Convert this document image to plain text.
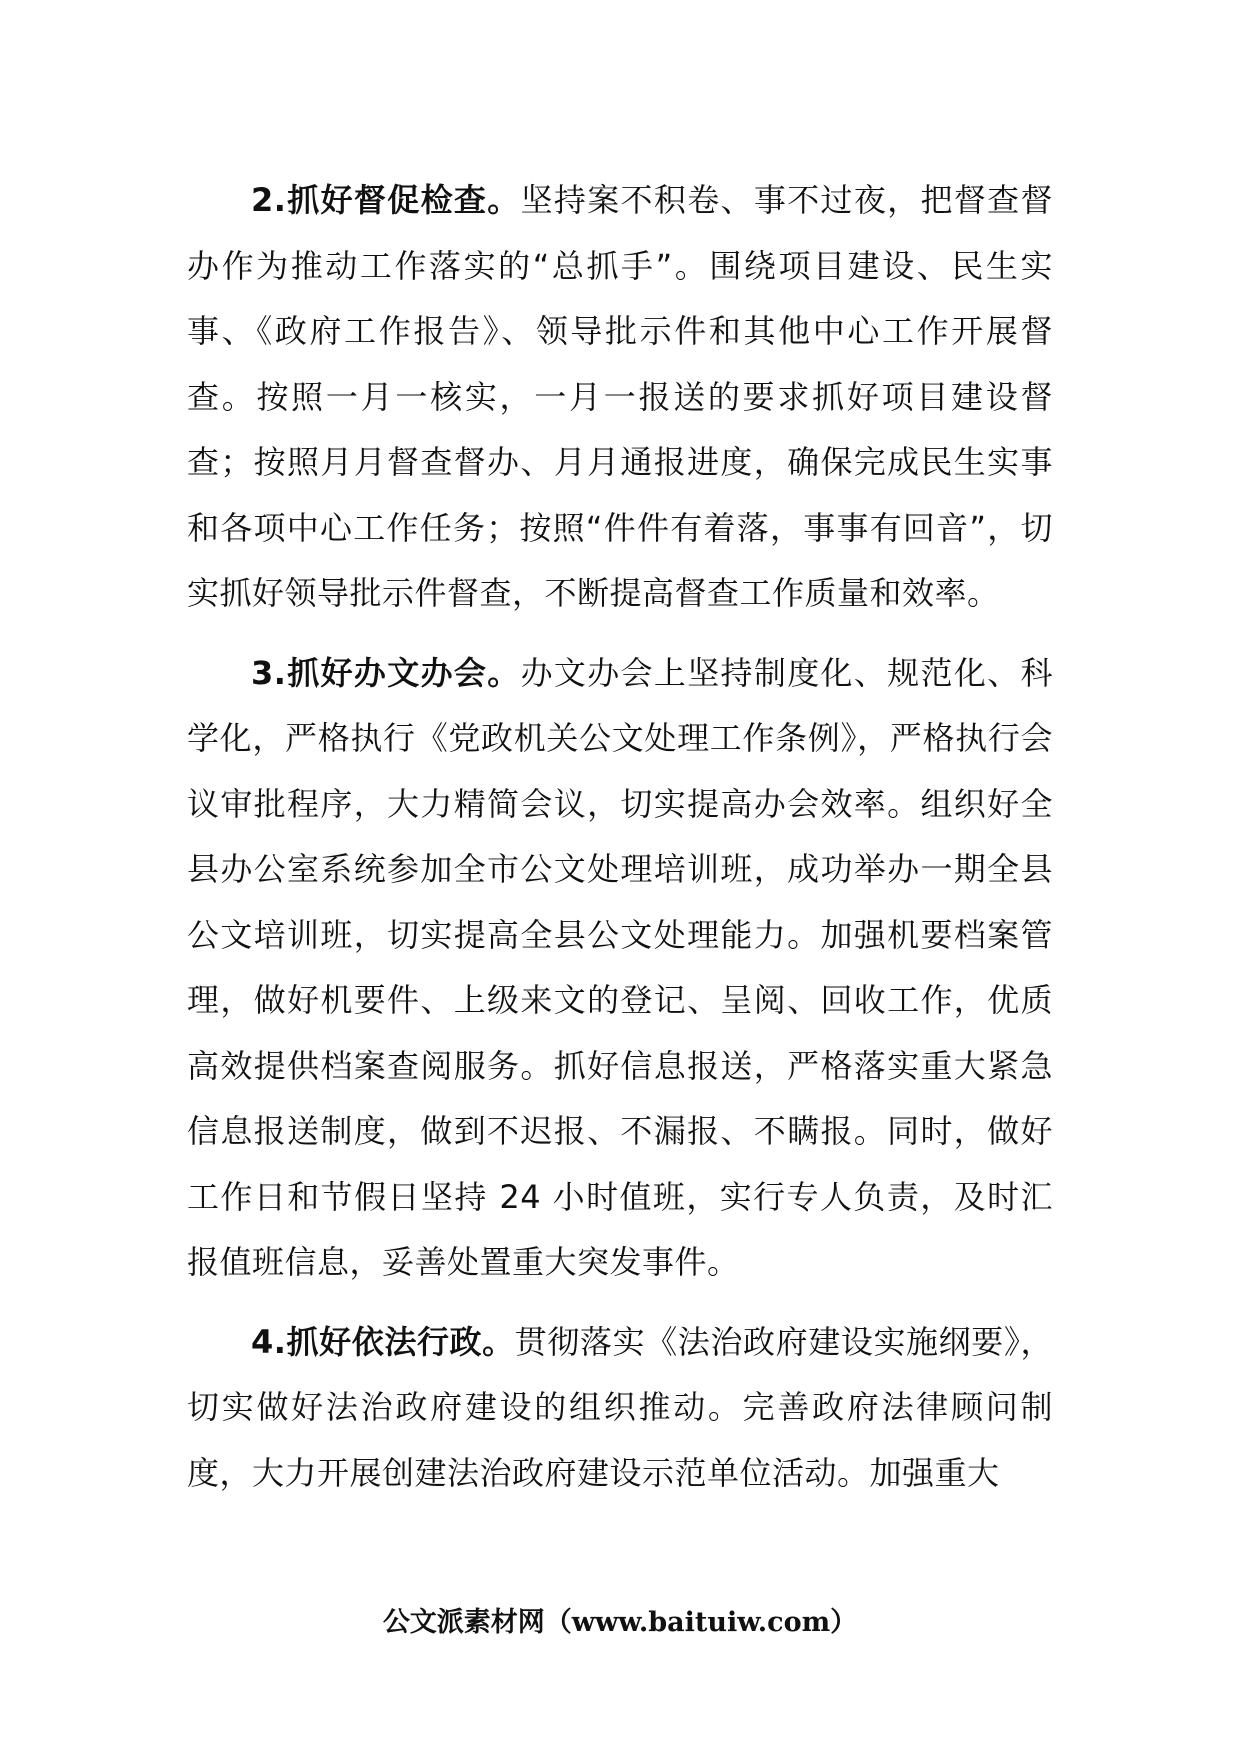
2.抓好督促检查。坚持案不积卷、事不过夜，把督查督办作为推动工作落实的“总抓手”。围绕项目建设、民生实事、《政府工作报告》、领导批示件和其他中心工作开展督查。按照一月一核实，一月一报送的要求抓好项目建设督查；按照月月督查督办、月月通报进度，确保完成民生实事和各项中心工作任务；按照“件件有着落，事事有回音”，切实抓好领导批示件督查，不断提高督查工作质量和效率。

3.抓好办文办会。办文办会上坚持制度化、规范化、科学化，严格执行《党政机关公文处理工作条例》，严格执行会议审批程序，大力精简会议，切实提高办会效率。组织好全县办公室系统参加全市公文处理培训班，成功举办一期全县公文培训班，切实提高全县公文处理能力。加强机要档案管理，做好机要件、上级来文的登记、呈阅、回收工作，优质高效提供档案查阅服务。抓好信息报送，严格落实重大紧急信息报送制度，做到不迟报、不漏报、不瞒报。同时，做好工作日和节假日坚持 24 小时值班，实行专人负责，及时汇报值班信息，妥善处置重大突发事件。

4.抓好依法行政。贯彻落实《法治政府建设实施纲要》，切实做好法治政府建设的组织推动。完善政府法律顾问制度，大力开展创建法治政府建设示范单位活动。加强重大

公文派素材网（www.baituiw.com）
